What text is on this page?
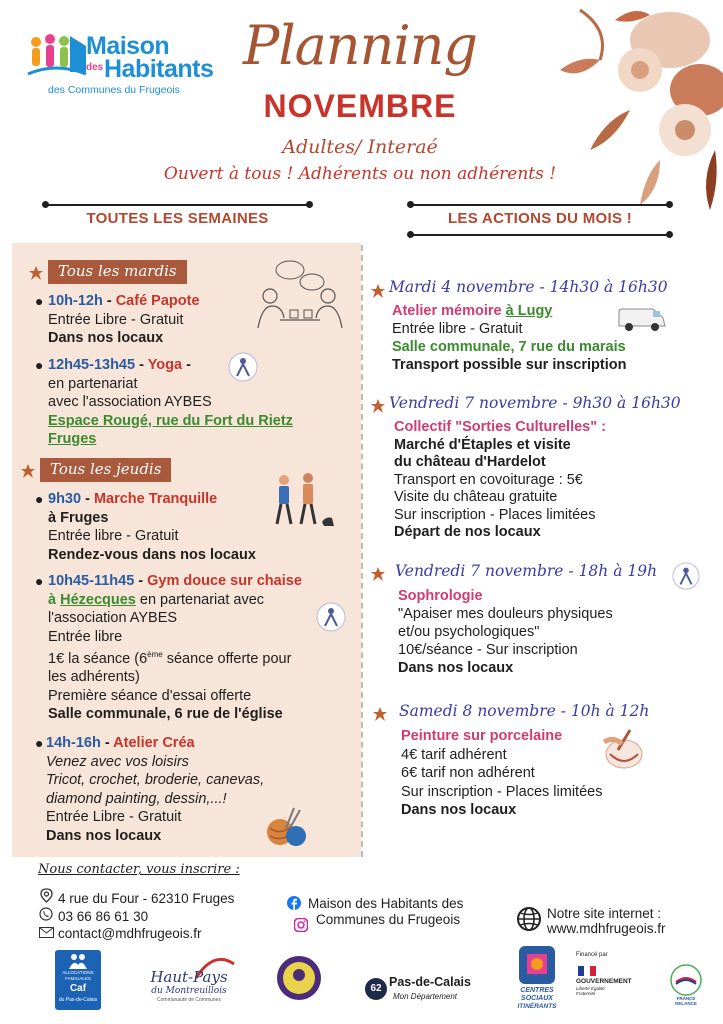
Maison
des Habitants
des Communes du Frugeois
Planning
NOVEMBRE
Adultes/ Interaé
Ouvert à tous ! Adhérents ou non adhérents !
TOUTES LES SEMAINES	LES ACTIONS DU MOIS !
Tous les mardis
● 10h-12h - Café Papote
Entrée Libre - Gratuit
Dans nos locaux
● 12h45-13h45 - Yoga -
en partenariat
avec l'association AYBES
Espace Rougé, rue du Fort du Rietz
Fruges
Tous les jeudis
● 9h30 - Marche Tranquille
à Fruges
Entrée libre - Gratuit
Rendez-vous dans nos locaux
● 10h45-11h45 - Gym douce sur chaise
à Hézecques en partenariat avec
l'association AYBES
Entrée libre
1€ la séance (6ème séance offerte pour
les adhérents)
Première séance d'essai offerte
Salle communale, 6 rue de l'église
● 14h-16h - Atelier Créa
Venez avec vos loisirs
Tricot, crochet, broderie, canevas,
diamond painting, dessin,...!
Entrée Libre - Gratuit
Dans nos locaux
Mardi 4 novembre - 14h30 à 16h30
Atelier mémoire à Lugy
Entrée libre - Gratuit
Salle communale, 7 rue du marais
Transport possible sur inscription
Vendredi 7 novembre - 9h30 à 16h30
Collectif "Sorties Culturelles" :
Marché d'Étaples et visite
du château d'Hardelot
Transport en covoiturage : 5€
Visite du château gratuite
Sur inscription - Places limitées
Départ de nos locaux
Vendredi 7 novembre - 18h à 19h
Sophrologie
"Apaiser mes douleurs physiques
et/ou psychologiques"
10€/séance - Sur inscription
Dans nos locaux
Samedi 8 novembre - 10h à 12h
Peinture sur porcelaine
4€ tarif adhérent
6€ tarif non adhérent
Sur inscription - Places limitées
Dans nos locaux
Nous contacter, vous inscrire :
4 rue du Four - 62310 Fruges
03 66 86 61 30
contact@mdhfrugeois.fr
Maison des Habitants des
Communes du Frugeois	Notre site internet :
www.mdhfrugeois.fr
ALLOCATIONS FAMILIALES
Caf
du Pas-de-Calais
Haut-Pays
du Montreuillois
Communauté de Communes
62 Pas-de-Calais
Mon Département
CENTRES
SOCIAUX
ITINÉRANTS
Financé par
GOUVERNEMENT
Liberté Égalité Fraternité
FRANCE RELANCE
